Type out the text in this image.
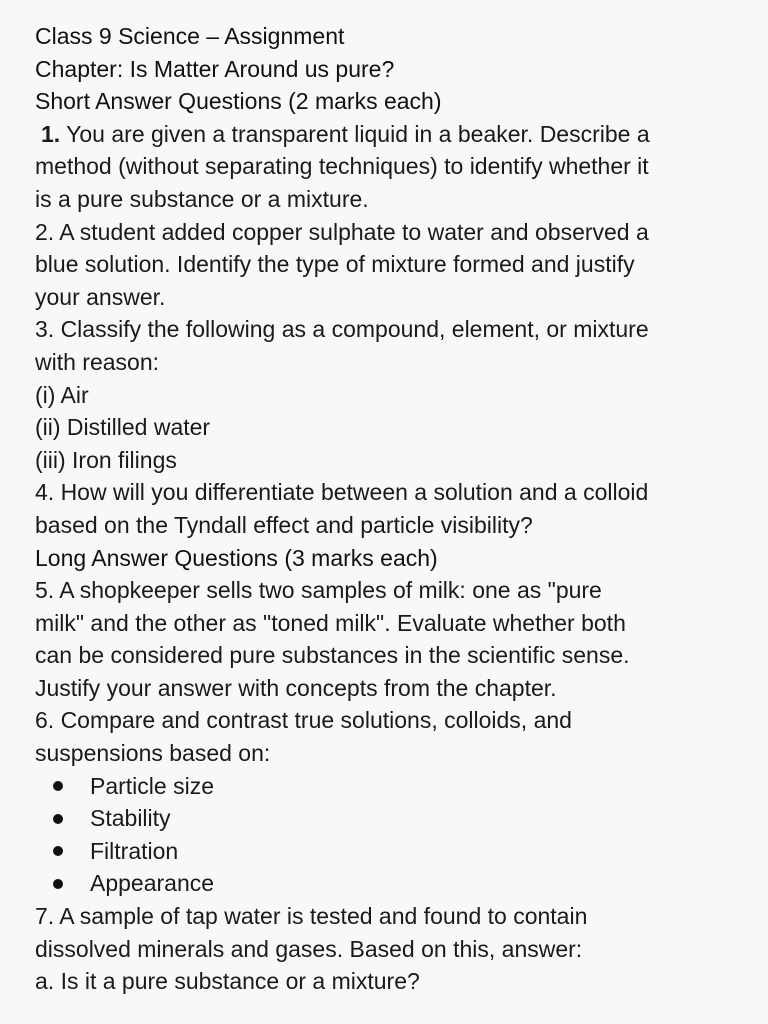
Class 9 Science – Assignment
Chapter: Is Matter Around us pure?
Short Answer Questions (2 marks each)
1. You are given a transparent liquid in a beaker. Describe a
method (without separating techniques) to identify whether it
is a pure substance or a mixture.
2. A student added copper sulphate to water and observed a
blue solution. Identify the type of mixture formed and justify
your answer.
3. Classify the following as a compound, element, or mixture
with reason:
(i) Air
(ii) Distilled water
(iii) Iron filings
4. How will you differentiate between a solution and a colloid
based on the Tyndall effect and particle visibility?
Long Answer Questions (3 marks each)
5. A shopkeeper sells two samples of milk: one as "pure
milk" and the other as "toned milk". Evaluate whether both
can be considered pure substances in the scientific sense.
Justify your answer with concepts from the chapter.
6. Compare and contrast true solutions, colloids, and
suspensions based on:
Particle size
Stability
Filtration
Appearance
7. A sample of tap water is tested and found to contain
dissolved minerals and gases. Based on this, answer:
a. Is it a pure substance or a mixture?
